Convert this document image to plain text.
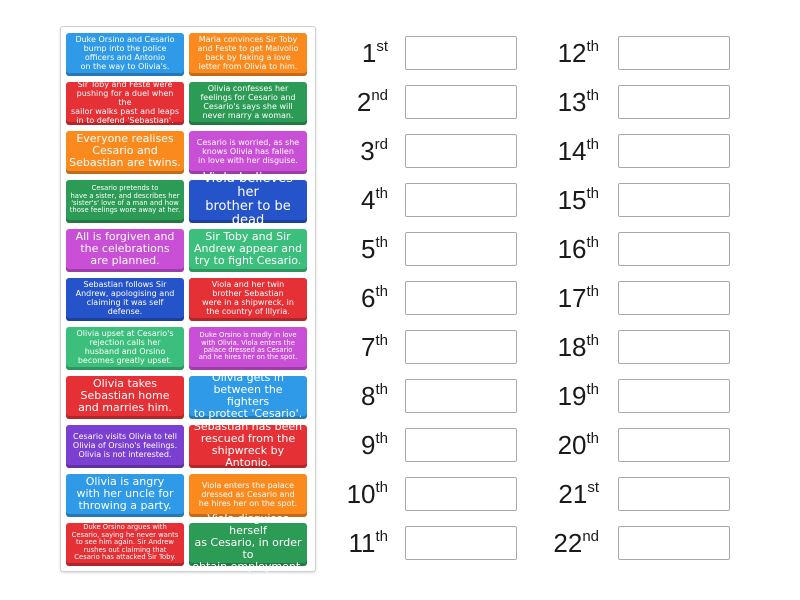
Duke Orsino and Cesario
bump into the police
officers and Antonio
on the way to Olivia's.
Maria convinces Sir Toby
and Feste to get Malvolio
back by faking a love
letter from Olivia to him.
Sir Toby and Feste were
pushing for a duel when the
sailor walks past and leaps
in to defend 'Sebastian'.
Olivia confesses her
feelings for Cesario and
Cesario's says she will
never marry a woman.
Everyone realises
Cesario and
Sebastian are twins.
Cesario is worried, as she
knows Olivia has fallen
in love with her disguise.
Cesario pretends to
have a sister, and describes her
'sister's' love of a man and how
those feelings wore away at her.
Viola believes her
brother to be dead
All is forgiven and
the celebrations
are planned.
Sir Toby and Sir
Andrew appear and
try to fight Cesario.
Sebastian follows Sir
Andrew, apologising and
claiming it was self defense.
Viola and her twin
brother Sebastian
were in a shipwreck, in
the country of Illyria.
Olivia upset at Cesario's
rejection calls her
husband and Orsino
becomes greatly upset.
Duke Orsino is madly in love
with Olivia. Viola enters the
palace dressed as Cesario
and he hires her on the spot.
Olivia takes
Sebastian home
and marries him.
Olivia gets in
between the fighters
to protect 'Cesario'.
Cesario visits Olivia to tell
Olivia of Orsino's feelings.
Olivia is not interested.
Sebastian has been
rescued from the
shipwreck by Antonio.
Olivia is angry
with her uncle for
throwing a party.
Viola enters the palace
dressed as Cesario and
he hires her on the spot.
Duke Orsino argues with
Cesario, saying he never wants
to see him again. Sir Andrew
rushes out claiming that
Cesario has attacked Sir Toby.
Viola disguises herself
as Cesario, in order to
obtain employment.
1st
2nd
3rd
4th
5th
6th
7th
8th
9th
10th
11th
12th
13th
14th
15th
16th
17th
18th
19th
20th
21st
22nd
